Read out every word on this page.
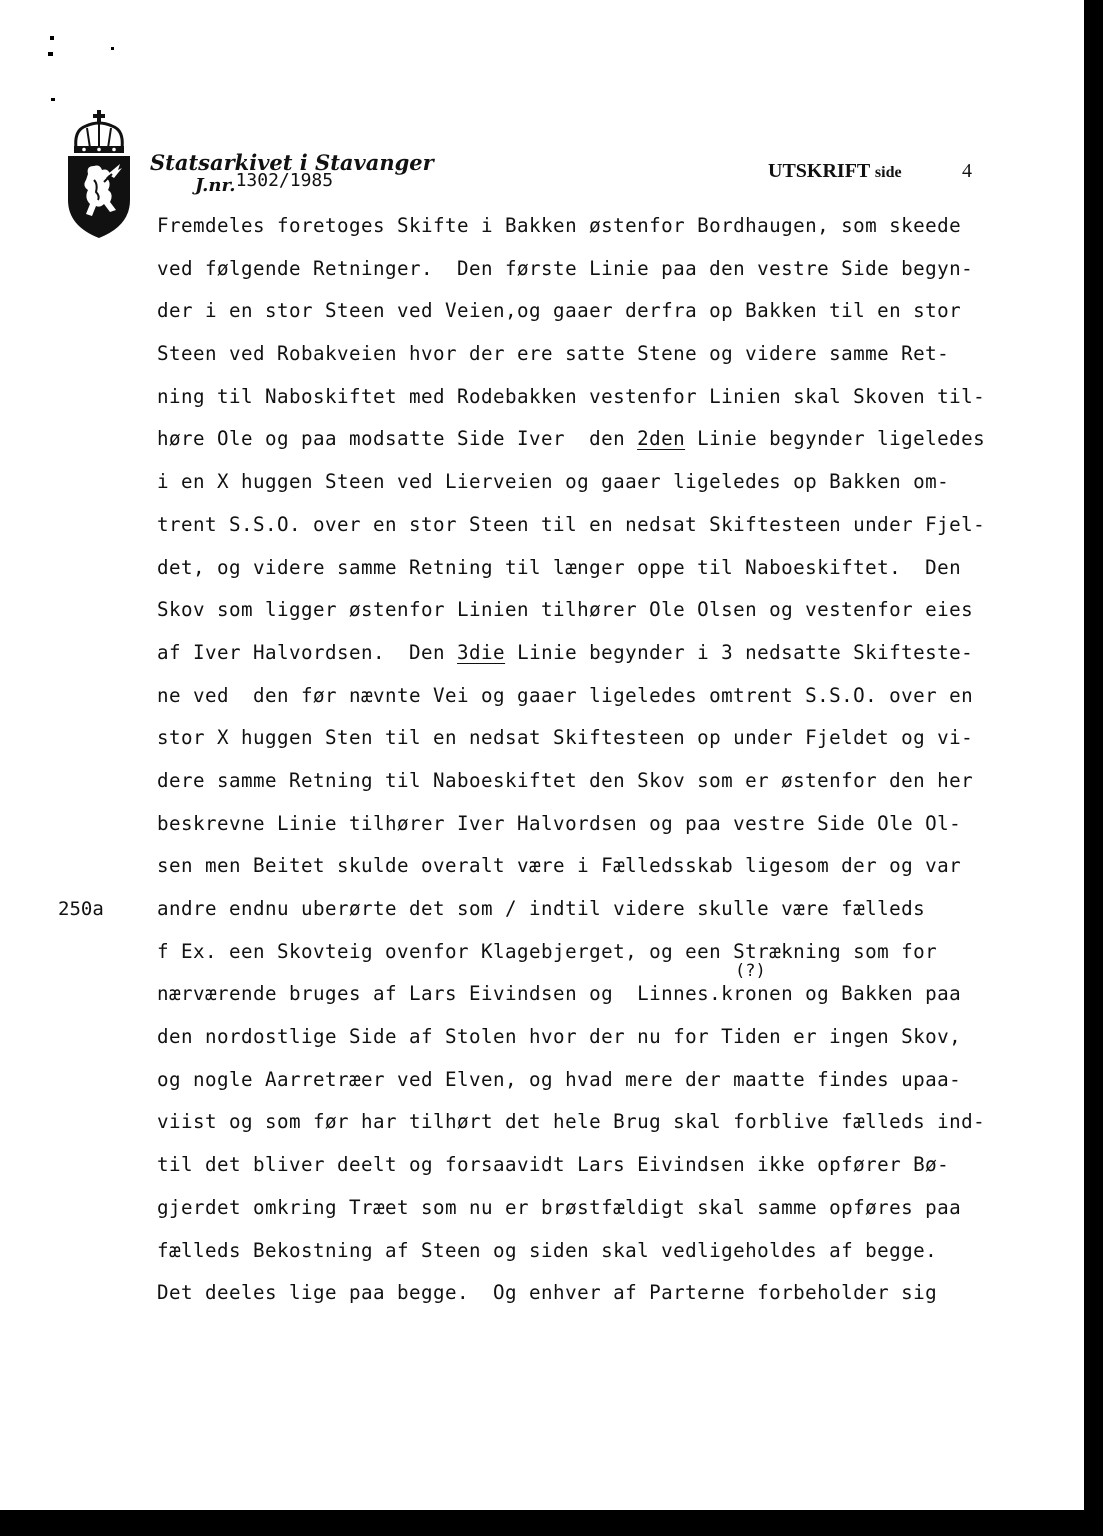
Statsarkivet i Stavanger
J.nr.1302/1985	UTSKRIFT side	4
250a
(?)
Fremdeles foretoges Skifte i Bakken østenfor Bordhaugen, som skeede
ved følgende Retninger.  Den første Linie paa den vestre Side begyn-
der i en stor Steen ved Veien,og gaaer derfra op Bakken til en stor
Steen ved Robakveien hvor der ere satte Stene og videre samme Ret-
ning til Naboskiftet med Rodebakken vestenfor Linien skal Skoven til-
høre Ole og paa modsatte Side Iver  den 2den Linie begynder ligeledes
i en X huggen Steen ved Lierveien og gaaer ligeledes op Bakken om-
trent S.S.O. over en stor Steen til en nedsat Skiftesteen under Fjel-
det, og videre samme Retning til længer oppe til Naboeskiftet.  Den
Skov som ligger østenfor Linien tilhører Ole Olsen og vestenfor eies
af Iver Halvordsen.  Den 3die Linie begynder i 3 nedsatte Skifteste-
ne ved  den før nævnte Vei og gaaer ligeledes omtrent S.S.O. over en
stor X huggen Sten til en nedsat Skiftesteen op under Fjeldet og vi-
dere samme Retning til Naboeskiftet den Skov som er østenfor den her
beskrevne Linie tilhører Iver Halvordsen og paa vestre Side Ole Ol-
sen men Beitet skulde overalt være i Fælledsskab ligesom der og var
andre endnu uberørte det som / indtil videre skulle være fælleds
f Ex. een Skovteig ovenfor Klagebjerget, og een Strækning som for
nærværende bruges af Lars Eivindsen og  Linnes.kronen og Bakken paa
den nordostlige Side af Stolen hvor der nu for Tiden er ingen Skov,
og nogle Aarretræer ved Elven, og hvad mere der maatte findes upaa-
viist og som før har tilhørt det hele Brug skal forblive fælleds ind-
til det bliver deelt og forsaavidt Lars Eivindsen ikke opfører Bø-
gjerdet omkring Træet som nu er brøstfældigt skal samme opføres paa
fælleds Bekostning af Steen og siden skal vedligeholdes af begge.
Det deeles lige paa begge.  Og enhver af Parterne forbeholder sig
